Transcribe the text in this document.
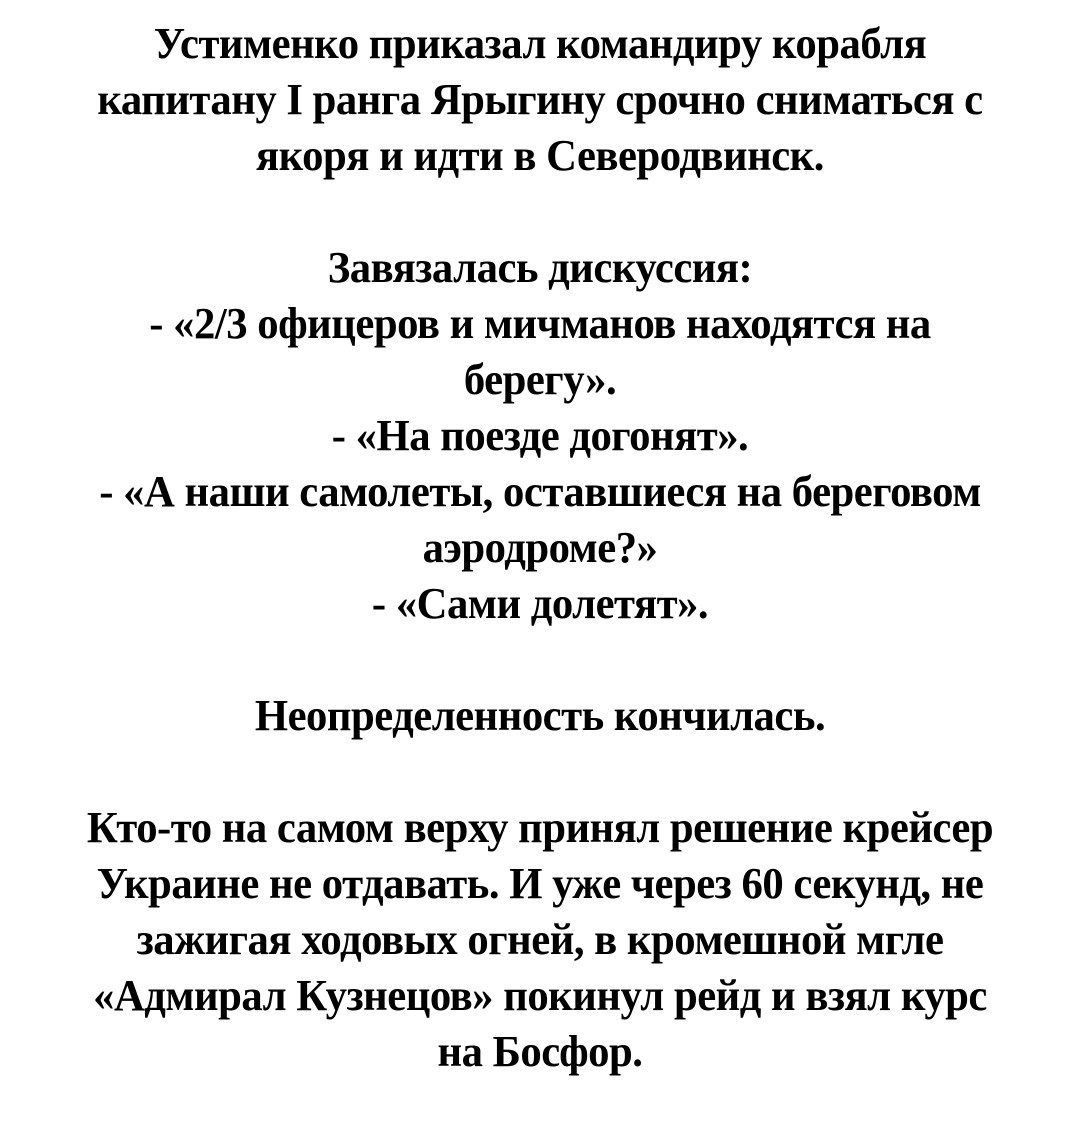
Устименко приказал командиру корабля
капитану I ранга Ярыгину срочно сниматься с
якоря и идти в Северодвинск.
Завязалась дискуссия:
- «2/3 офицеров и мичманов находятся на
берегу».
- «На поезде догонят».
- «А наши самолеты, оставшиеся на береговом
аэродроме?»
- «Сами долетят».
Неопределенность кончилась.
Кто-то на самом верху принял решение крейсер
Украине не отдавать. И уже через 60 секунд, не
зажигая ходовых огней, в кромешной мгле
«Адмирал Кузнецов» покинул рейд и взял курс
на Босфор.
